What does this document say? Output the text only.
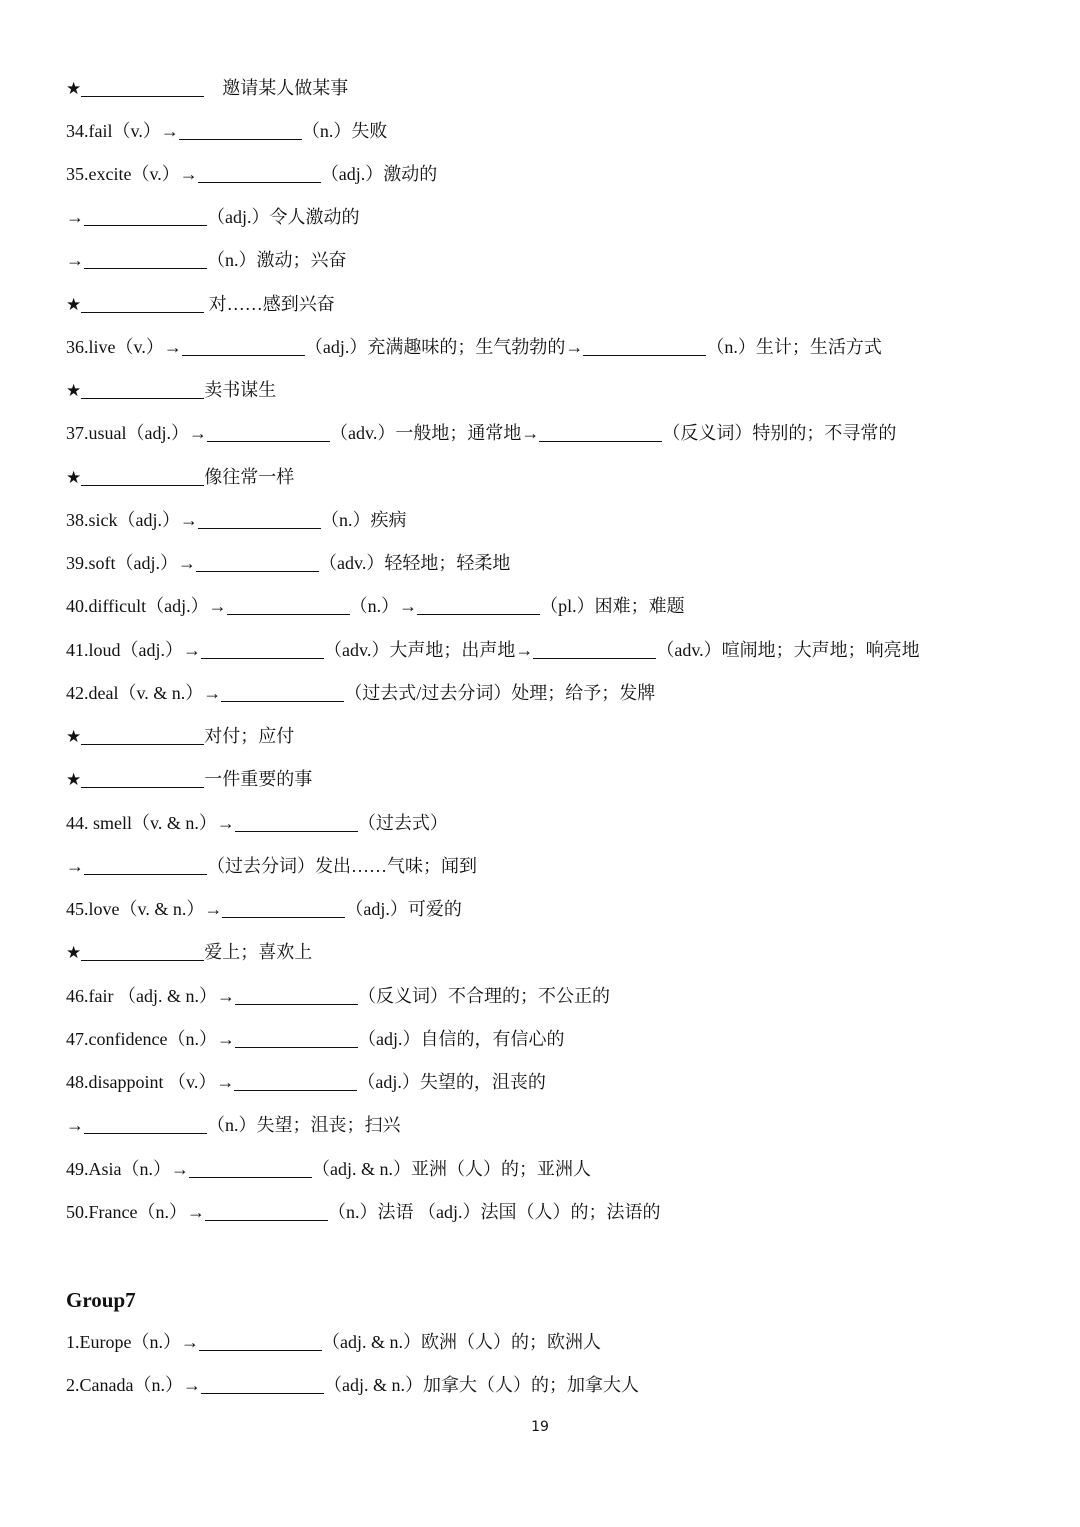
★	　邀请某人做某事
34.fail（v.）→	（n.）失败
35.excite（v.）→	（adj.）激动的
→	（adj.）令人激动的
→	（n.）激动；兴奋
★	对……感到兴奋
36.live（v.）→	（adj.）充满趣味的；生气勃勃的→	（n.）生计；生活方式
★	卖书谋生
37.usual（adj.）→	（adv.）一般地；通常地→	（反义词）特别的；不寻常的
★	像往常一样
38.sick（adj.）→	（n.）疾病
39.soft（adj.）→	（adv.）轻轻地；轻柔地
40.difficult（adj.）→	（n.）→	（pl.）困难；难题
41.loud（adj.）→	（adv.）大声地；出声地→	（adv.）喧闹地；大声地；响亮地
42.deal（v. & n.）→	（过去式/过去分词）处理；给予；发牌
★	对付；应付
★	一件重要的事
44. smell（v. & n.）→	（过去式）
→	（过去分词）发出……气味；闻到
45.love（v. & n.）→	（adj.）可爱的
★	爱上；喜欢上
46.fair （adj. & n.）→	（反义词）不合理的；不公正的
47.confidence（n.）→	（adj.）自信的，有信心的
48.disappoint （v.）→	（adj.）失望的，沮丧的
→	（n.）失望；沮丧；扫兴
49.Asia（n.）→	（adj. & n.）亚洲（人）的；亚洲人
50.France（n.）→	（n.）法语 （adj.）法国（人）的；法语的
Group7
1.Europe（n.）→	（adj. & n.）欧洲（人）的；欧洲人
2.Canada（n.）→	（adj. & n.）加拿大（人）的；加拿大人
19
